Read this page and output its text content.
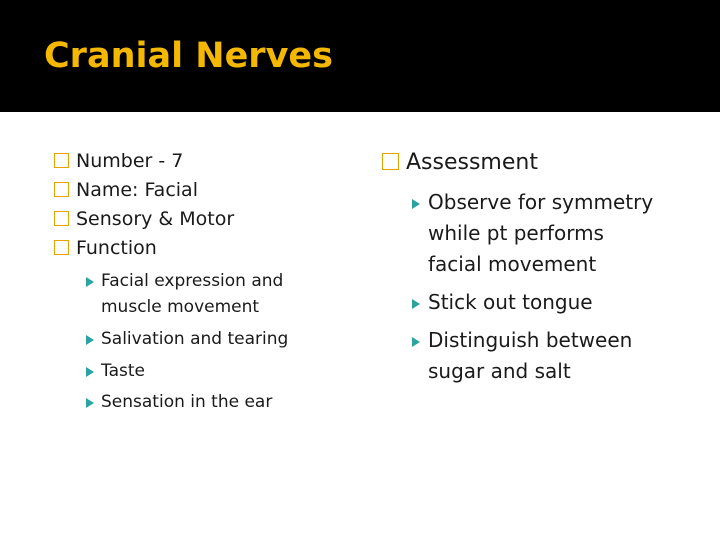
Cranial Nerves
Number - 7
Name: Facial
Sensory & Motor
Function
Facial expression and
muscle movement
Salivation and tearing
Taste
Sensation in the ear
Assessment
Observe for symmetry
while pt performs
facial movement
Stick out tongue
Distinguish between
sugar and salt
